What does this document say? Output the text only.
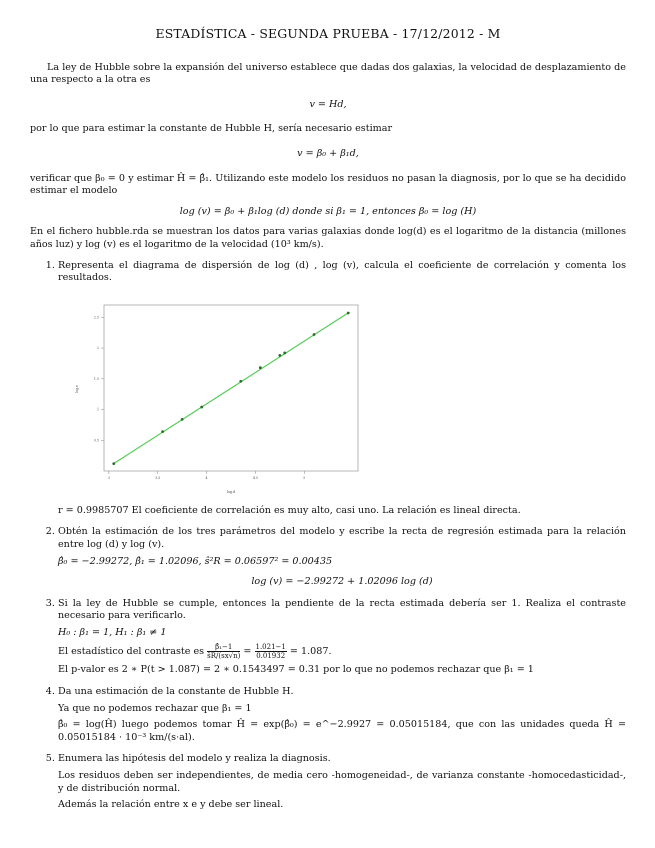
ESTADÍSTICA - SEGUNDA PRUEBA - 17/12/2012 - M

La ley de Hubble sobre la expansión del universo establece que dadas dos galaxias, la velocidad de desplazamiento de una respecto a la otra es

v = Hd,

por lo que para estimar la constante de Hubble H, sería necesario estimar

v = β₀ + β₁d,

verificar que β₀ = 0 y estimar Ĥ = β̂₁. Utilizando este modelo los residuos no pasan la diagnosis, por lo que se ha decidido estimar el modelo

log (v) = β₀ + β₁log (d) donde si β₁ = 1, entonces β₀ = log (H)

En el fichero hubble.rda se muestran los datos para varias galaxias donde log(d) es el logaritmo de la distancia (millones años luz) y log (v) es el logaritmo de la velocidad (10³ km/s).

1. Representa el diagrama de dispersión de log (d) , log (v), calcula el coeficiente de correlación y comenta los resultados.

0.5
1
1.5
2
2.5
3	3.5	4	4.5	5
log.v
log.d

r = 0.9985707 El coeficiente de correlación es muy alto, casi uno. La relación es lineal directa.

2. Obtén la estimación de los tres parámetros del modelo y escribe la recta de regresión estimada para la relación entre log (d) y log (v).

β̂₀ = −2.99272, β̂₁ = 1.02096, ŝ²R = 0.06597² = 0.00435

log (v) = −2.99272 + 1.02096 log (d)

3. Si la ley de Hubble se cumple, entonces la pendiente de la recta estimada debería ser 1. Realiza el contraste necesario para verificarlo.

H₀ : β₁ = 1, H₁ : β₁ ≠ 1

El estadístico del contraste es $\frac{\text{β̂₁−1}}{ŝR/(sx√n)} = \frac{1.021-1}{0.01932} = 1.087$.

El p-valor es 2 ∗ P(t > 1.087) = 2 ∗ 0.1543497 = 0.31 por lo que no podemos rechazar que β₁ = 1

4. Da una estimación de la constante de Hubble H.

Ya que no podemos rechazar que β₁ = 1

β̂₀ = log(Ĥ) luego podemos tomar Ĥ = exp(β̂₀) = e^−2.9927 = 0.05015184, que con las unidades queda Ĥ = 0.05015184 · 10⁻³ km/(s·al).

5. Enumera las hipótesis del modelo y realiza la diagnosis.

Los residuos deben ser independientes, de media cero -homogeneidad-, de varianza constante -homocedasticidad-, y de distribución normal.

Además la relación entre x e y debe ser lineal.
